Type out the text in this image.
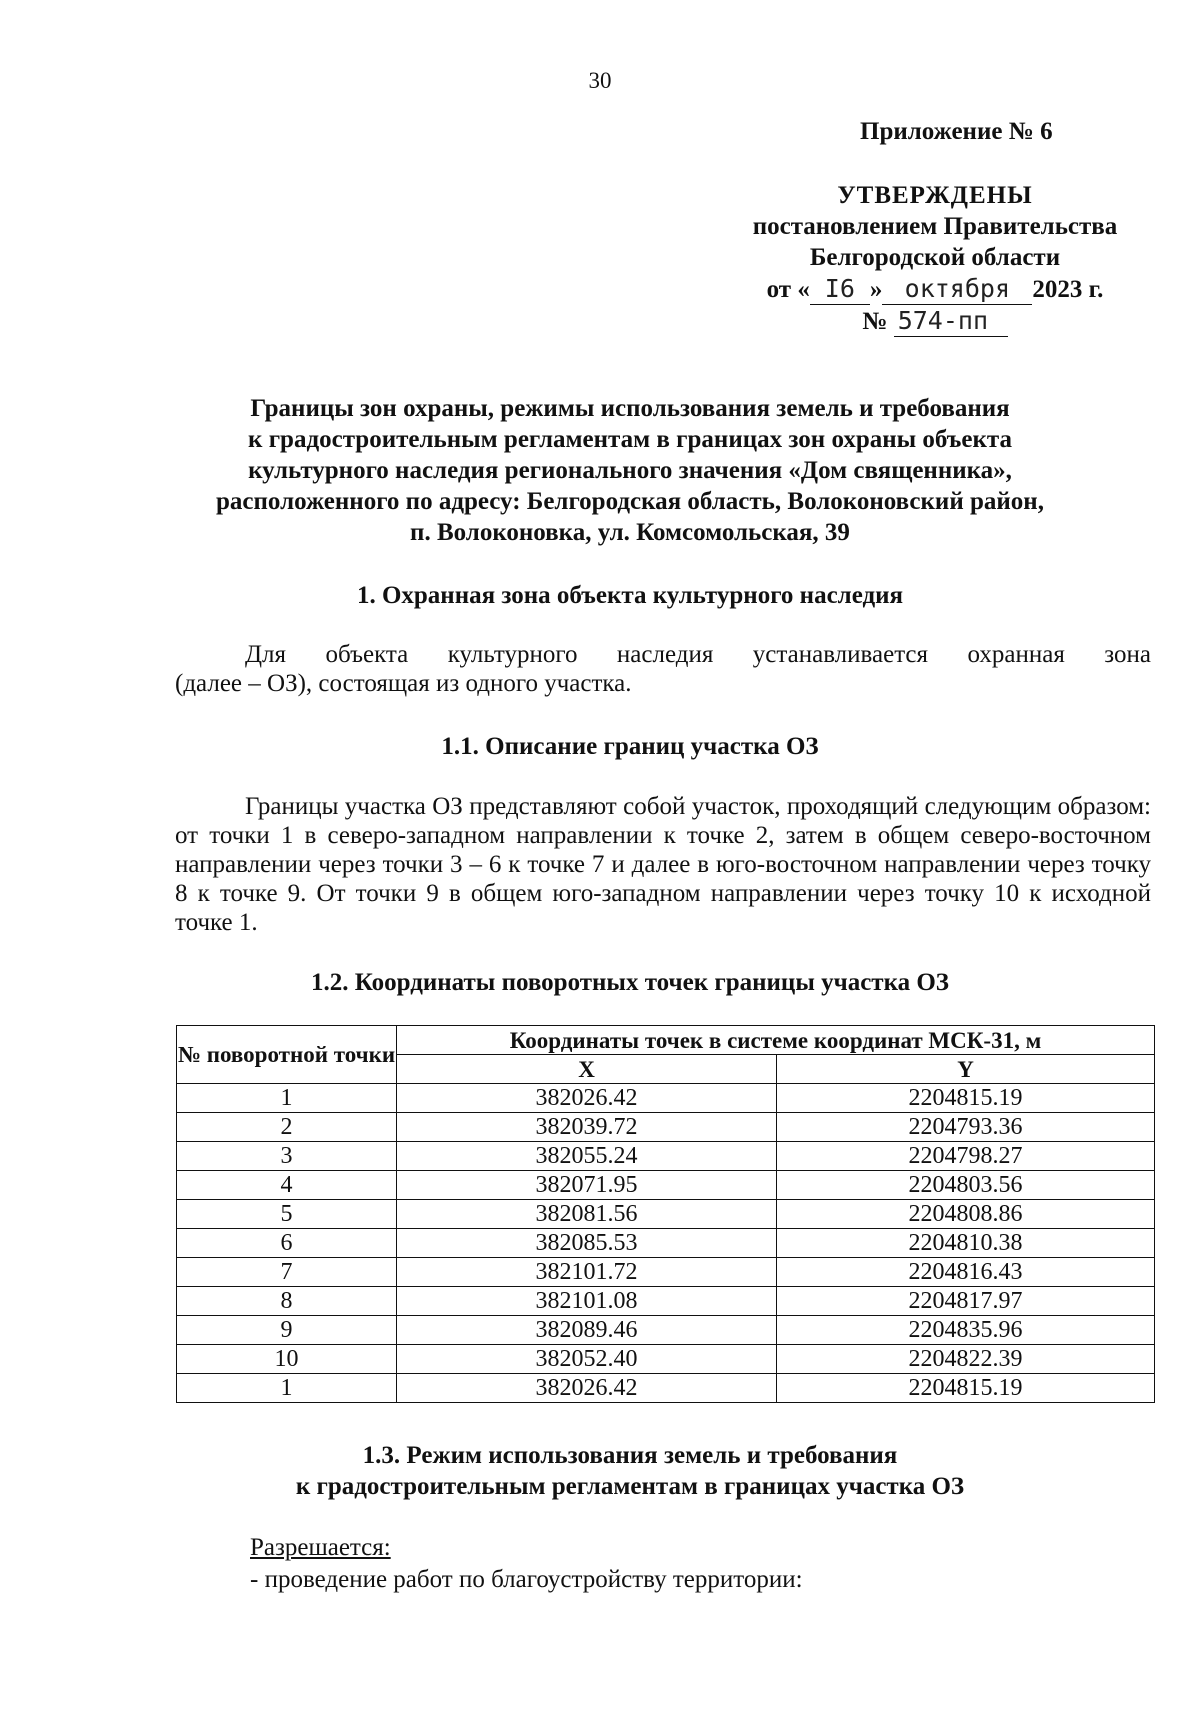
30
Приложение № 6
УТВЕРЖДЕНЫ
постановлением Правительства
Белгородской области
от « I6 » октября 2023 г.
№ 574-пп
Границы зон охраны, режимы использования земель и требования
к градостроительным регламентам в границах зон охраны объекта
культурного наследия регионального значения «Дом священника»,
расположенного по адресу: Белгородская область, Волоконовский район,
п. Волоконовка, ул. Комсомольская, 39
1. Охранная зона объекта культурного наследия
Для объекта культурного наследия устанавливается охранная зона
(далее – ОЗ), состоящая из одного участка.
1.1. Описание границ участка ОЗ
Границы участка ОЗ представляют собой участок, проходящий следующим образом: от точки 1 в северо-западном направлении к точке 2, затем в общем северо-восточном направлении через точки 3 – 6 к точке 7 и далее в юго-восточном направлении через точку 8 к точке 9. От точки 9 в общем юго-западном направлении через точку 10 к исходной точке 1.
1.2. Координаты поворотных точек границы участка ОЗ
№ поворотной точки	Координаты точек в системе координат МСК-31, м	
	X	Y
1	382026.42	2204815.19
2	382039.72	2204793.36
3	382055.24	2204798.27
4	382071.95	2204803.56
5	382081.56	2204808.86
6	382085.53	2204810.38
7	382101.72	2204816.43
8	382101.08	2204817.97
9	382089.46	2204835.96
10	382052.40	2204822.39
1	382026.42	2204815.19
1.3. Режим использования земель и требования
к градостроительным регламентам в границах участка ОЗ
Разрешается:
- проведение работ по благоустройству территории:
